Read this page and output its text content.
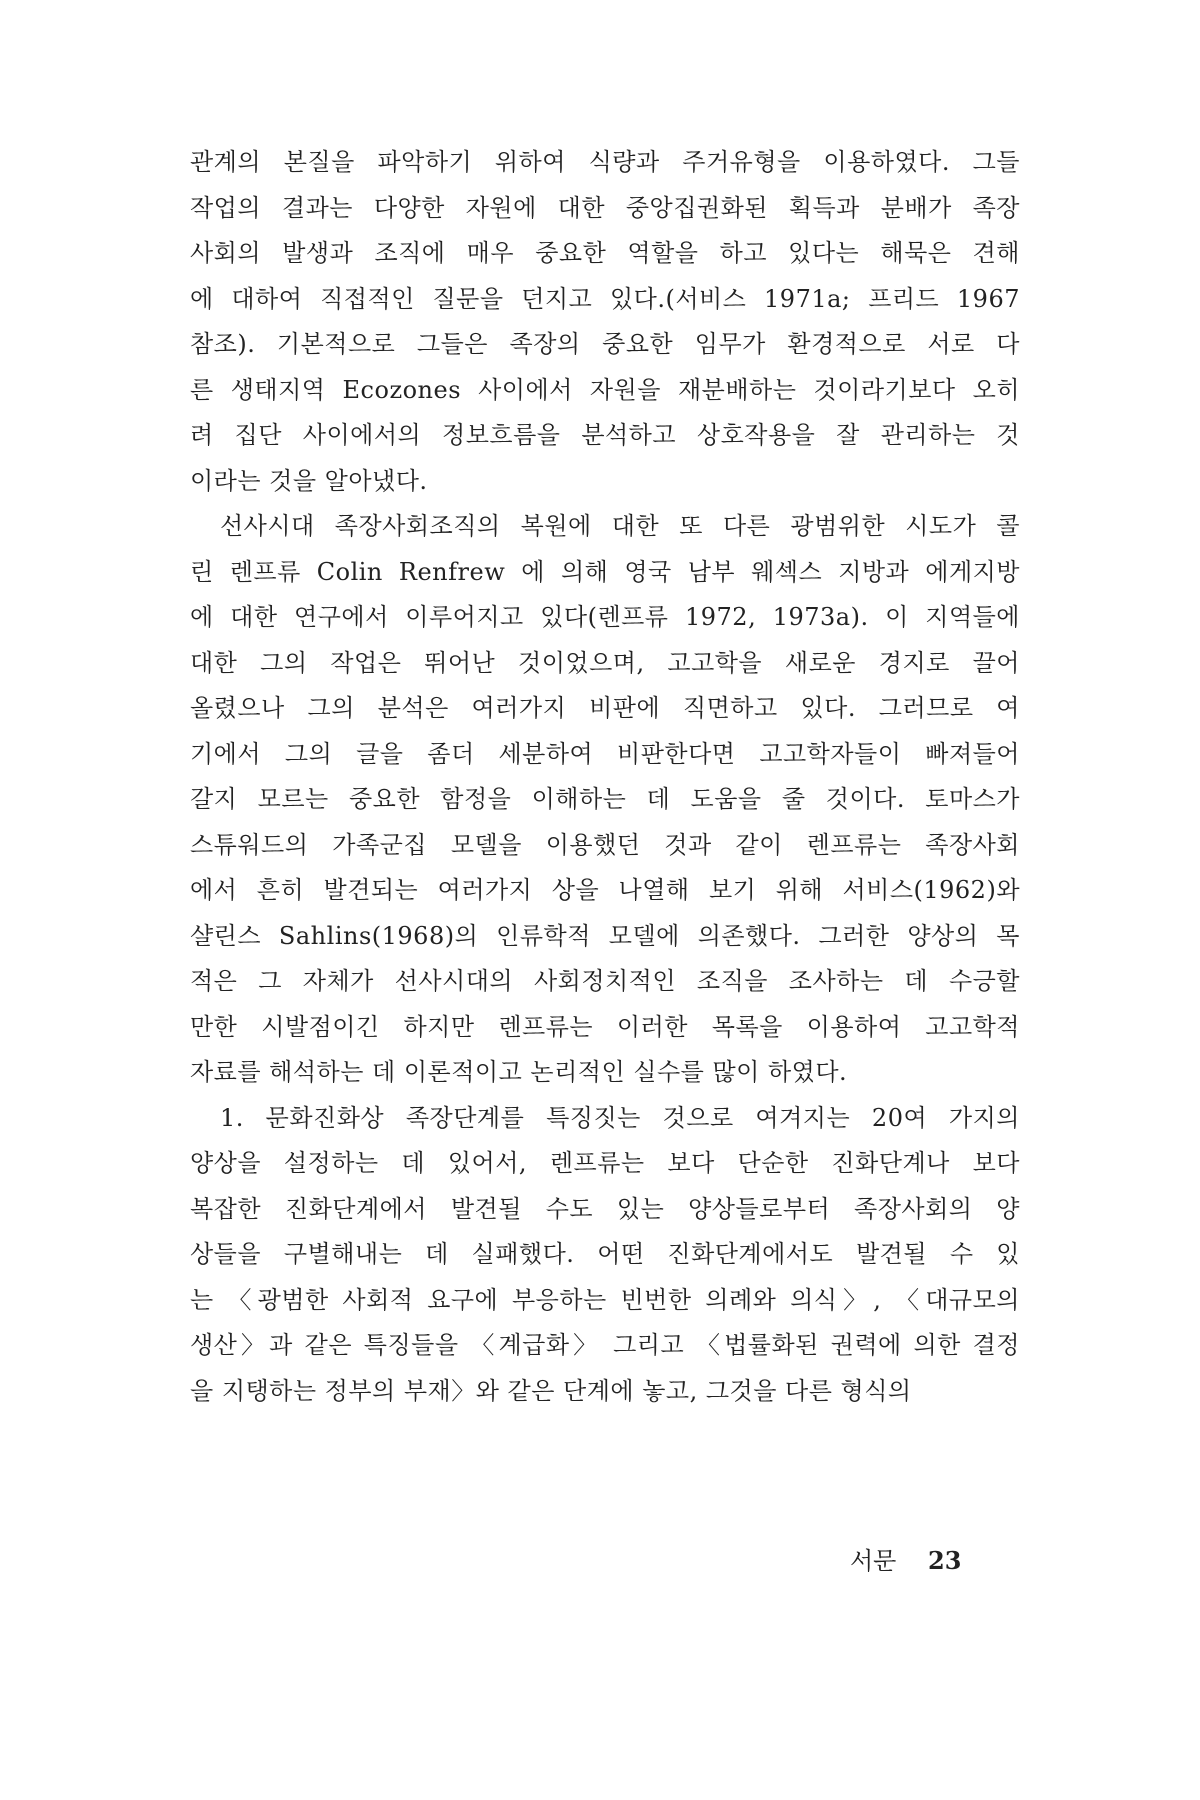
관계의 본질을 파악하기 위하여 식량과 주거유형을 이용하였다. 그들
작업의 결과는 다양한 자원에 대한 중앙집권화된 획득과 분배가 족장
사회의 발생과 조직에 매우 중요한 역할을 하고 있다는 해묵은 견해
에 대하여 직접적인 질문을 던지고 있다.(서비스 1971a; 프리드 1967
참조). 기본적으로 그들은 족장의 중요한 임무가 환경적으로 서로 다
른 생태지역 Ecozones 사이에서 자원을 재분배하는 것이라기보다 오히
려 집단 사이에서의 정보흐름을 분석하고 상호작용을 잘 관리하는 것
이라는 것을 알아냈다.
선사시대 족장사회조직의 복원에 대한 또 다른 광범위한 시도가 콜
린 렌프류 Colin Renfrew 에 의해 영국 남부 웨섹스 지방과 에게지방
에 대한 연구에서 이루어지고 있다(렌프류 1972, 1973a). 이 지역들에
대한 그의 작업은 뛰어난 것이었으며, 고고학을 새로운 경지로 끌어
올렸으나 그의 분석은 여러가지 비판에 직면하고 있다. 그러므로 여
기에서 그의 글을 좀더 세분하여 비판한다면 고고학자들이 빠져들어
갈지 모르는 중요한 함정을 이해하는 데 도움을 줄 것이다. 토마스가
스튜워드의 가족군집 모델을 이용했던 것과 같이 렌프류는 족장사회
에서 흔히 발견되는 여러가지 상을 나열해 보기 위해 서비스(1962)와
샬린스 Sahlins(1968)의 인류학적 모델에 의존했다. 그러한 양상의 목
적은 그 자체가 선사시대의 사회정치적인 조직을 조사하는 데 수긍할
만한 시발점이긴 하지만 렌프류는 이러한 목록을 이용하여 고고학적
자료를 해석하는 데 이론적이고 논리적인 실수를 많이 하였다.
1. 문화진화상 족장단계를 특징짓는 것으로 여겨지는 20여 가지의
양상을 설정하는 데 있어서, 렌프류는 보다 단순한 진화단계나 보다
복잡한 진화단계에서 발견될 수도 있는 양상들로부터 족장사회의 양
상들을 구별해내는 데 실패했다. 어떤 진화단계에서도 발견될 수 있
는 〈광범한 사회적 요구에 부응하는 빈번한 의례와 의식〉, 〈대규모의
생산〉과 같은 특징들을 〈계급화〉 그리고 〈법률화된 권력에 의한 결정
을 지탱하는 정부의 부재〉와 같은 단계에 놓고, 그것을 다른 형식의
서문 23
